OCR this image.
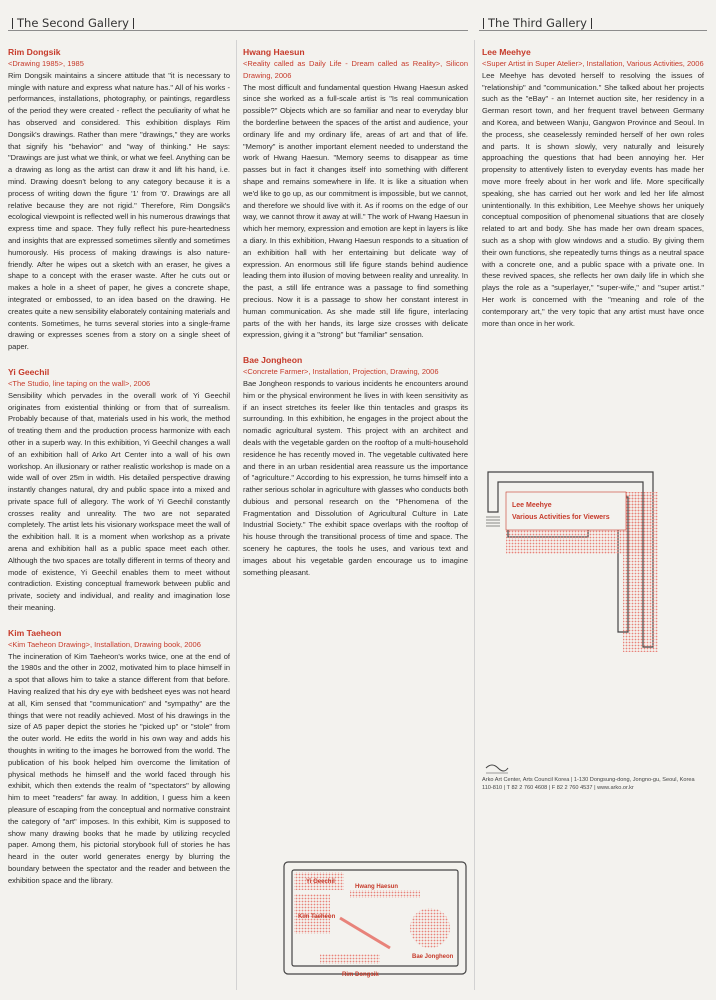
The Second Gallery	The Third Gallery

Rim Dongsik

<Drawing 1985>, 1985

Rim Dongsik maintains a sincere attitude that "it is necessary to mingle with nature and express what nature has." All of his works - performances, installations, photography, or paintings, regardless of the period they were created - reflect the peculiarity of what he has observed and considered. This exhibition displays Rim Dongsik's drawings. Rather than mere "drawings," they are works that signify his "behavior" and "way of thinking." He says: "Drawings are just what we think, or what we feel. Anything can be a drawing as long as the artist can draw it and lift his hand, i.e. mind. Drawing doesn't belong to any category because it is a process of writing down the figure '1' from '0'. Drawings are all relative because they are not rigid." Therefore, Rim Dongsik's ecological viewpoint is reflected well in his numerous drawings that express time and space. They fully reflect his pure-heartedness and insights that are expressed sometimes silently and sometimes humorously. His process of making drawings is also nature-friendly. After he wipes out a sketch with an eraser, he gives a shape to a concept with the eraser waste. After he cuts out or makes a hole in a sheet of paper, he gives a concrete shape, integrated or embossed, to an idea based on the drawing. He creates quite a new sensibility elaborately containing materials and contents. Sometimes, he turns several stories into a single-frame drawing or expresses scenes from a story on a single sheet of paper.

Yi Geechil

<The Studio, line taping on the wall>, 2006

Sensibility which pervades in the overall work of Yi Geechil originates from existential thinking or from that of surrealism. Probably because of that, materials used in his work, the method of treating them and the production process harmonize with each other in a superb way. In this exhibition, Yi Geechil changes a wall of an exhibition hall of Arko Art Center into a wall of his own workshop. An illusionary or rather realistic workshop is made on a wide wall of over 25m in width. His detailed perspective drawing instantly changes natural, dry and public space into a mixed and private space full of allegory. The work of Yi Geechil constantly crosses reality and unreality. The two are not separated completely. The artist lets his visionary workspace meet the wall of the exhibition hall. It is a moment when workshop as a private arena and exhibition hall as a public space meet each other. Although the two spaces are totally different in terms of theory and mode of existence, Yi Geechil enables them to meet without contradiction. Existing conceptual framework between public and private, society and individual, and reality and imagination lose their meaning.

Kim Taeheon

<Kim Taeheon Drawing>, Installation, Drawing book, 2006

The incineration of Kim Taeheon's works twice, one at the end of the 1980s and the other in 2002, motivated him to place himself in a spot that allows him to take a stance different from that before. Having realized that his dry eye with bedsheet eyes was not heard at all, Kim sensed that "communication" and "sympathy" are the things that were not readily achieved. Most of his drawings in the size of A5 paper depict the stories he "picked up" or "stole" from the outer world. He edits the world in his own way and adds his thoughts in writing to the images he borrowed from the world. The publication of his book helped him overcome the limitation of physical methods he himself and the world faced through his exhibit, which then extends the realm of "spectators" by allowing him to meet "readers" far away. In addition, I guess him a keen pleasure of escaping from the conceptual and normative constraint the category of "art" imposes. In this exhibit, Kim is supposed to show many drawing books that he made by utilizing recycled paper. Among them, his pictorial storybook full of stories he has heard in the outer world generates energy by blurring the boundary between the spectator and the reader and between the exhibition space and the library.

Hwang Haesun

<Reality called as Daily Life - Dream called as Reality>, Silicon Drawing, 2006

The most difficult and fundamental question Hwang Haesun asked since she worked as a full-scale artist is "Is real communication possible?" Objects which are so familiar and near to everyday blur the borderline between the spaces of the artist and audience, your ordinary life and my ordinary life, areas of art and that of life. "Memory" is another important element needed to understand the work of Hwang Haesun. "Memory seems to disappear as time passes but in fact it changes itself into something with different shape and remains somewhere in life. It is like a situation when we'd like to go up, as our commitment is impossible, but we cannot, and therefore we should live with it. As if rooms on the edge of our way, we cannot throw it away at will." The work of Hwang Haesun in which her memory, expression and emotion are kept in layers is like a diary. In this exhibition, Hwang Haesun responds to a situation of an exhibition hall with her entertaining but delicate way of expression. An enormous still life figure stands behind audience leading them into illusion of moving between reality and unreality. In the past, a still life entrance was a passage to find something precious. Now it is a passage to show her constant interest in human communication. As she made still life figure, interlacing parts of the with her hands, its large size crosses with delicate expression, giving it a "strong" but "familiar" sensation.

Bae Jongheon

<Concrete Farmer>, Installation, Projection, Drawing, 2006

Bae Jongheon responds to various incidents he encounters around him or the physical environment he lives in with keen sensitivity as if an insect stretches its feeler like thin tentacles and grasps its surrounding. In this exhibition, he engages in the project about the nomadic agricultural system. This project with an architect and deals with the vegetable garden on the rooftop of a multi-household residence he has recently moved in. The vegetable cultivated here and there in an urban residential area reassure us the importance of "agriculture." According to his expression, he turns himself into a rather serious scholar in agriculture with glasses who conducts both dubious and personal research on the "Phenomena of the Fragmentation and Dissolution of Agricultural Culture in Late Industrial Society." The exhibit space overlaps with the rooftop of his house through the transitional process of time and space. The scenery he captures, the tools he uses, and various text and images about his vegetable garden encourage us to imagine something pleasant.

Lee Meehye

<Super Artist in Super Atelier>, Installation, Various Activities, 2006

Lee Meehye has devoted herself to resolving the issues of "relationship" and "communication." She talked about her projects such as the "eBay" - an Internet auction site, her residency in a German resort town, and her frequent travel between Germany and Korea, and between Wanju, Gangwon Province and Seoul. In the process, she ceaselessly reminded herself of her own roles and parts. It is shown slowly, very naturally and leisurely approaching the questions that had been annoying her. Her propensity to attentively listen to everyday events has made her move more freely about in her work and life. More specifically speaking, she has carried out her work and led her life almost unintentionally. In this exhibition, Lee Meehye shows her uniquely conceptual composition of phenomenal situations that are closely related to art and body. She has made her own dream spaces, such as a shop with glow windows and a studio. By giving them their own functions, she repeatedly turns things as a neutral space with a concrete one, and a public space with a private one. In these revived spaces, she reflects her own daily life in which she plays the role as a "superlayer," "super-wife," and "super artist." Her work is concerned with the "meaning and role of the contemporary art," the very topic that any artist must have once more than once in her work.

Lee Meehye
Various Activities for Viewers
Arko Art Center, Arts Council Korea | 1-130 Dongsung-dong, Jongno-gu, Seoul, Korea 110-810 | T 82 2 760 4608 | F 82 2 760 4537 | www.arko.or.kr
Yi Geechil
Hwang Haesun
Kim Taeheon
Bae Jongheon
Rim Dongsik
